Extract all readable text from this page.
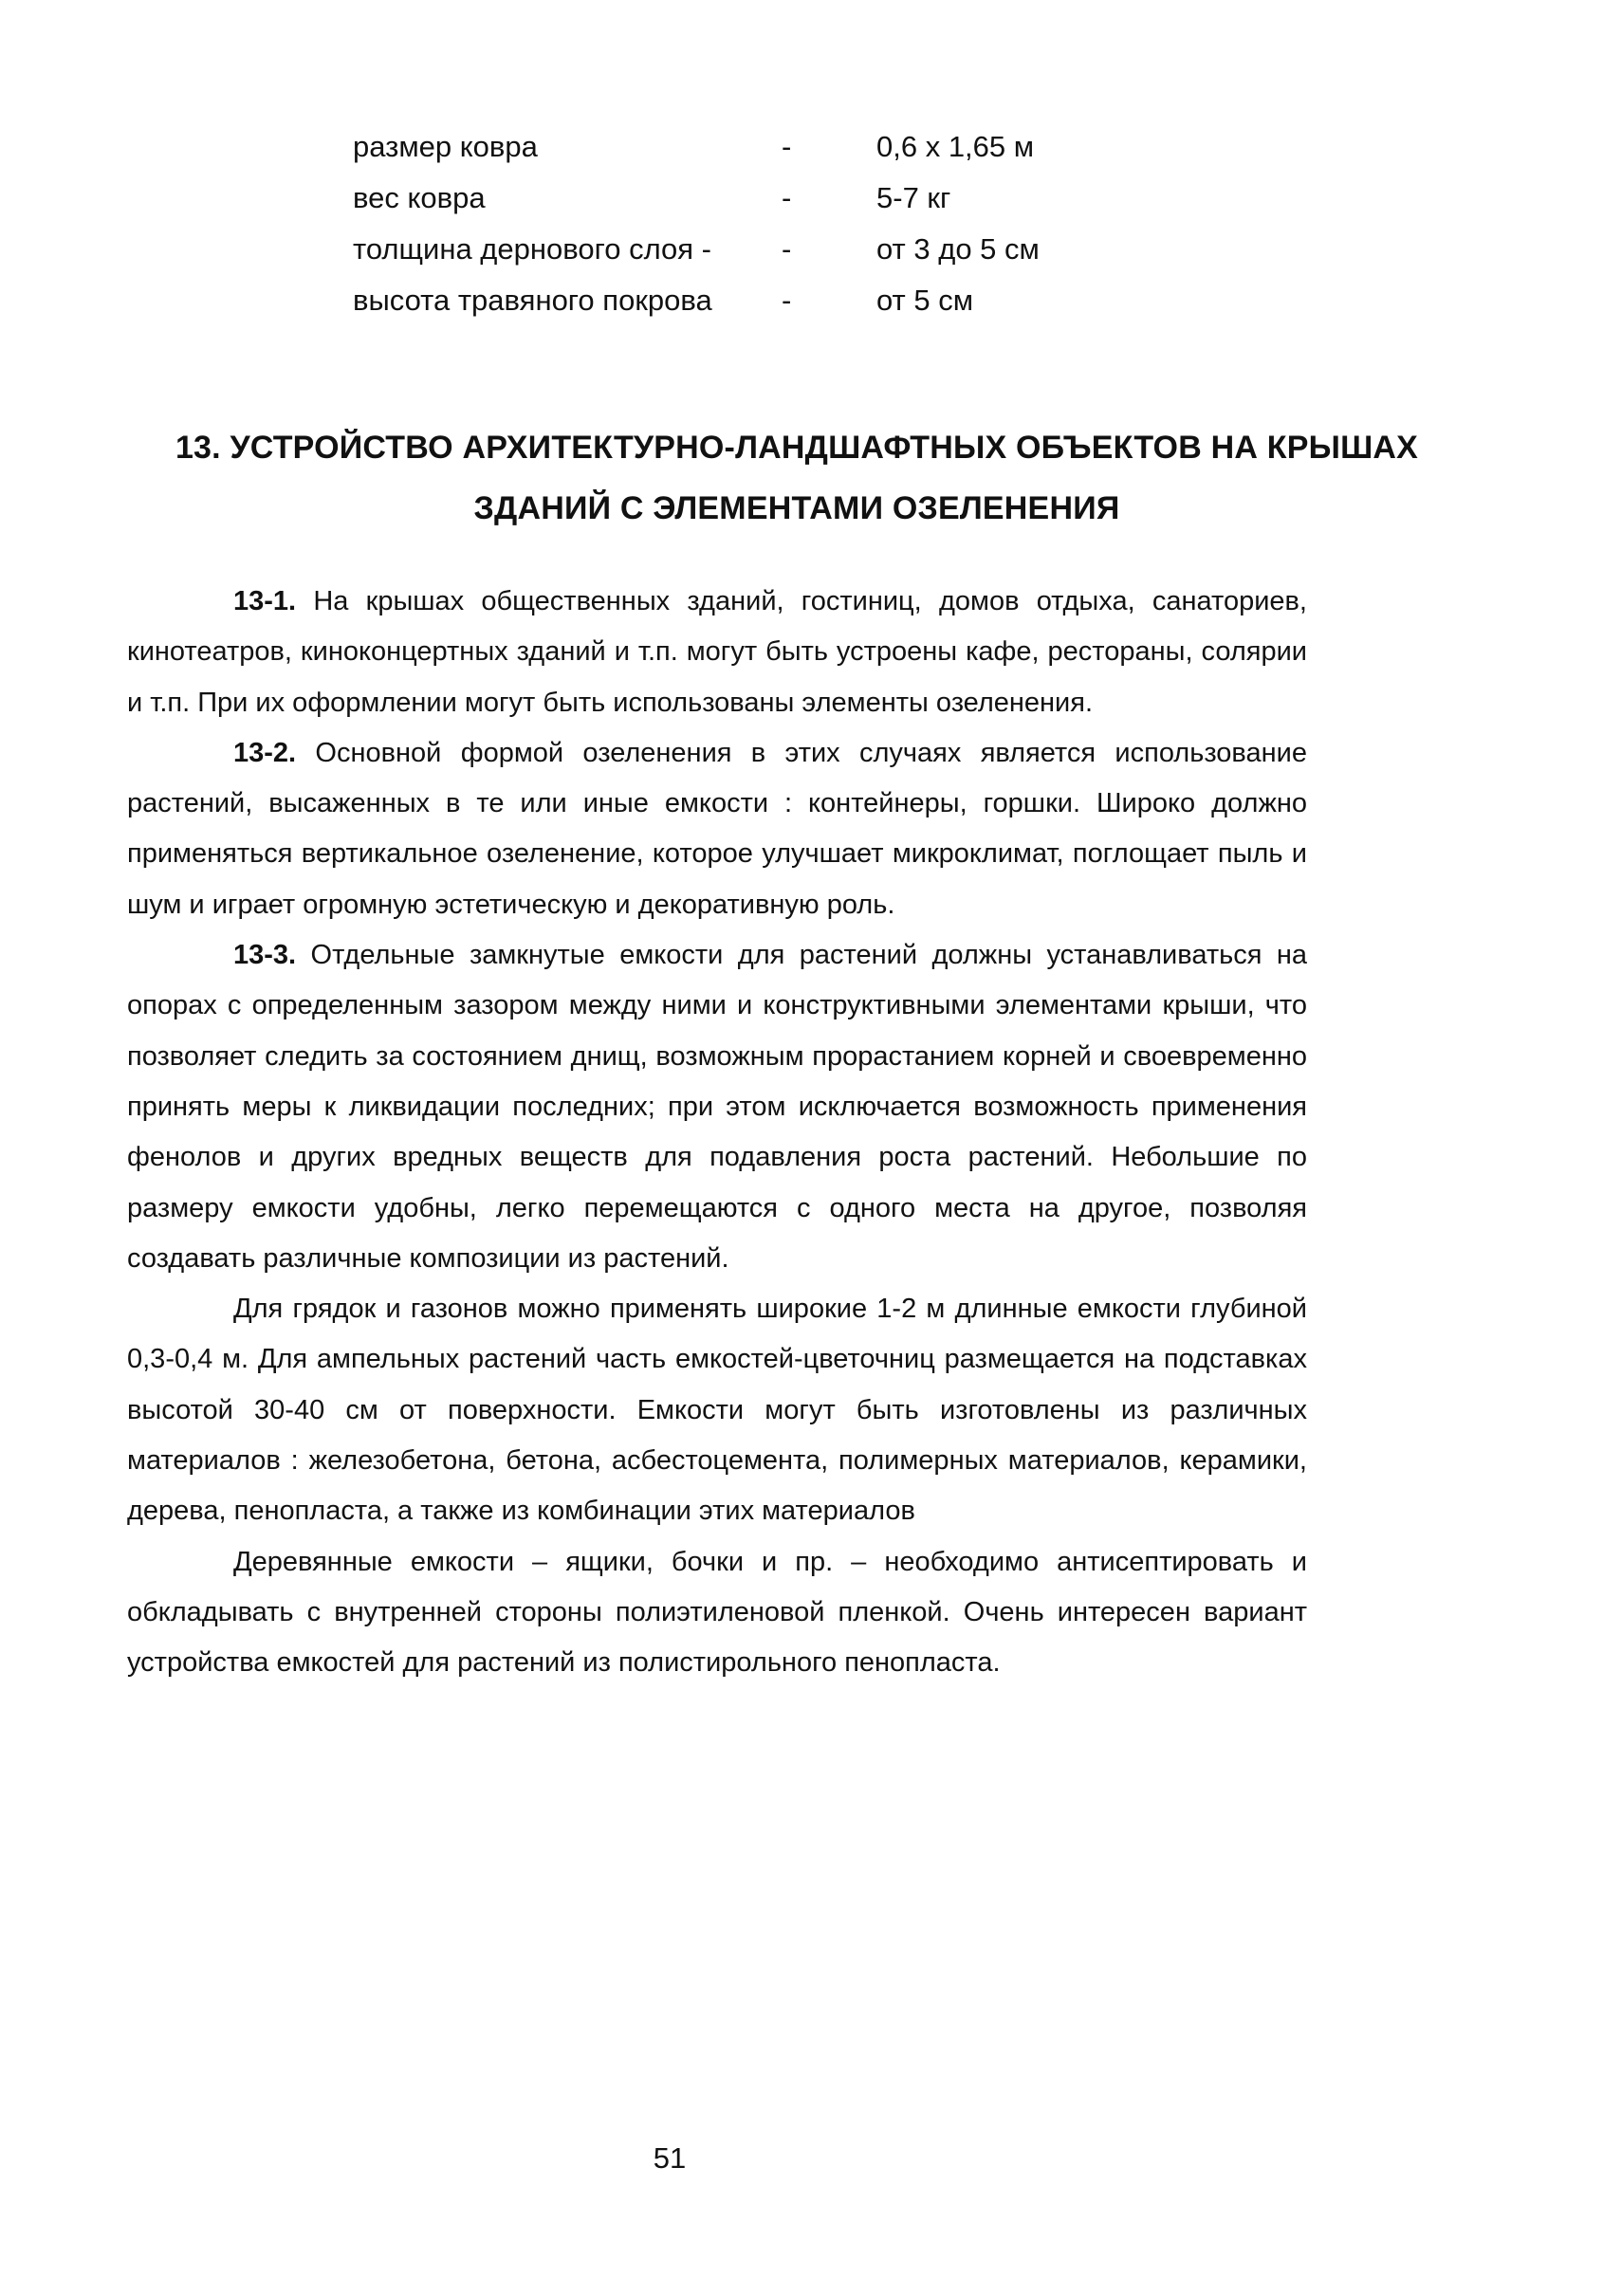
размер ковра	-	0,6 x 1,65 м
вес ковра	-	5-7 кг
толщина дернового слоя -	-	от 3 до 5 см
высота травяного покрова	-	от 5 см
13. УСТРОЙСТВО АРХИТЕКТУРНО-ЛАНДШАФТНЫХ ОБЪЕКТОВ НА КРЫШАХ
ЗДАНИЙ С ЭЛЕМЕНТАМИ ОЗЕЛЕНЕНИЯ

13-1. На крышах общественных зданий, гостиниц, домов отдыха, санаториев, кинотеатров, киноконцертных зданий и т.п. могут быть устроены кафе, рестораны, солярии и т.п. При их оформлении могут быть использованы элементы озеленения.

13-2. Основной формой озеленения в этих случаях является использование растений, высаженных в те или иные емкости : контейнеры, горшки. Широко должно применяться вертикальное озеленение, которое улучшает микроклимат, поглощает пыль и шум и играет огромную эстетическую и декоративную роль.

13-3. Отдельные замкнутые емкости для растений должны устанавливаться на опорах с определенным зазором между ними и конструктивными элементами крыши, что позволяет следить за состоянием днищ, возможным прорастанием корней и своевременно принять меры к ликвидации последних; при этом исключается возможность применения фенолов и других вредных веществ для подавления роста растений. Небольшие по размеру емкости удобны, легко перемещаются с одного места на другое, позволяя создавать различные композиции из растений.

Для грядок и газонов можно применять широкие 1-2 м длинные емкости глубиной 0,3-0,4 м. Для ампельных растений часть емкостей-цветочниц размещается на подставках высотой 30-40 см от поверхности. Емкости могут быть изготовлены из различных материалов : железобетона, бетона, асбестоцемента, полимерных материалов, керамики, дерева, пенопласта, а также из комбинации этих материалов

Деревянные емкости – ящики, бочки и пр. – необходимо антисептировать и обкладывать с внутренней стороны полиэтиленовой пленкой. Очень интересен вариант устройства емкостей для растений из полистирольного пенопласта.

51
